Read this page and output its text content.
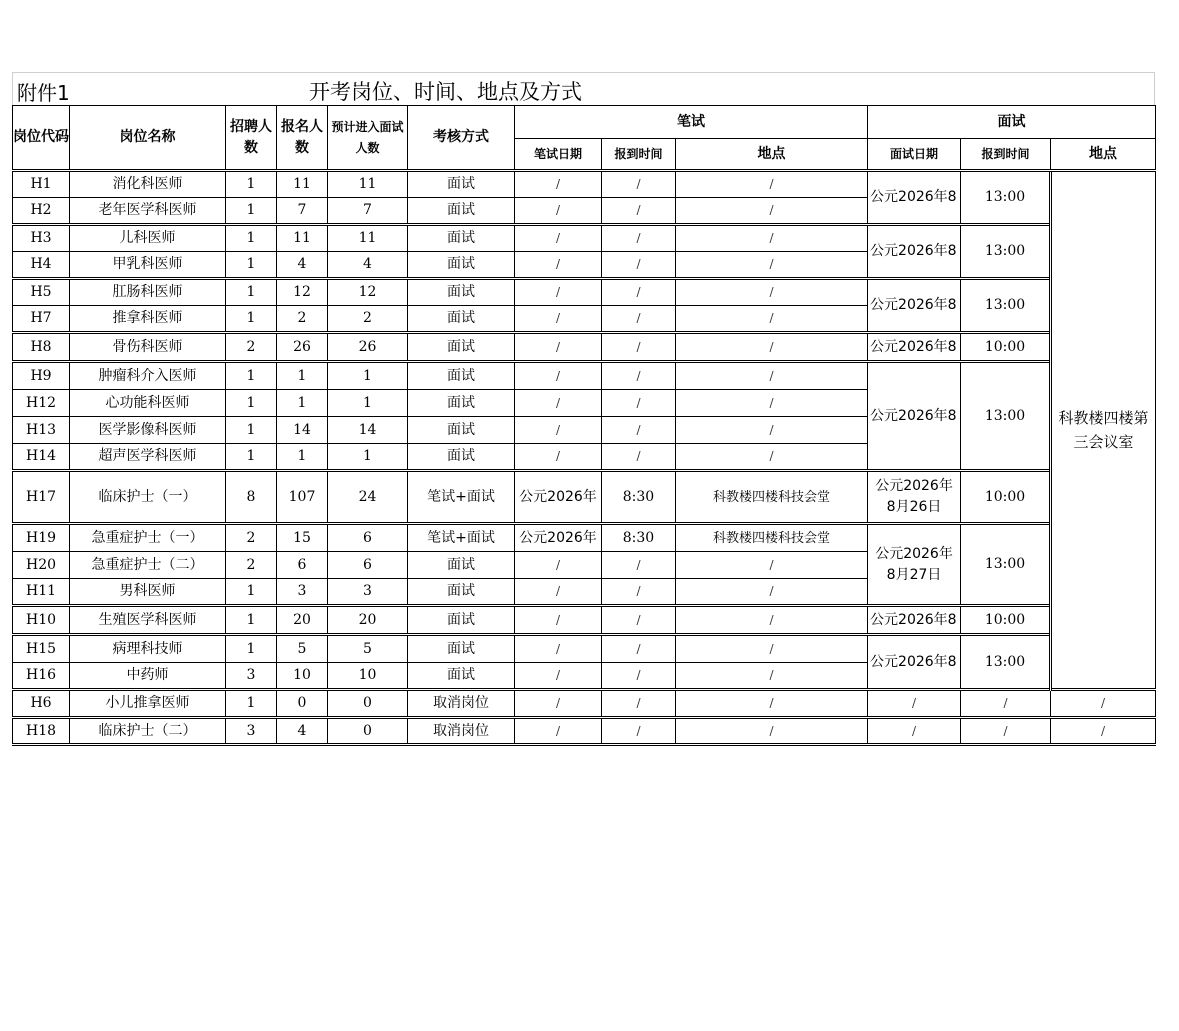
附件1	开考岗位、时间、地点及方式
岗位代码	岗位名称	招聘人数	报名人数	预计进入面试人数	考核方式	笔试			面试		
						笔试日期	报到时间	地点	面试日期	报到时间	地点
H1	消化科医师	1	11	11	面试	/	/	/	公元2026年8	13:00	科教楼四楼第三会议室
H2	老年医学科医师	1	7	7	面试	/	/	/			
H3	儿科医师	1	11	11	面试	/	/	/	公元2026年8	13:00	
H4	甲乳科医师	1	4	4	面试	/	/	/			
H5	肛肠科医师	1	12	12	面试	/	/	/	公元2026年8	13:00	
H7	推拿科医师	1	2	2	面试	/	/	/			
H8	骨伤科医师	2	26	26	面试	/	/	/	公元2026年8	10:00	
H9	肿瘤科介入医师	1	1	1	面试	/	/	/	公元2026年8	13:00	
H12	心功能科医师	1	1	1	面试	/	/	/			
H13	医学影像科医师	1	14	14	面试	/	/	/			
H14	超声医学科医师	1	1	1	面试	/	/	/			
H17	临床护士（一）	8	107	24	笔试+面试	公元2026年	8:30	科教楼四楼科技会堂	公元2026年8月26日	10:00	
H19	急重症护士（一）	2	15	6	笔试+面试	公元2026年	8:30	科教楼四楼科技会堂	公元2026年8月27日	13:00	
H20	急重症护士（二）	2	6	6	面试	/	/	/			
H11	男科医师	1	3	3	面试	/	/	/			
H10	生殖医学科医师	1	20	20	面试	/	/	/	公元2026年8	10:00	
H15	病理科技师	1	5	5	面试	/	/	/	公元2026年8	13:00	
H16	中药师	3	10	10	面试	/	/	/			
H6	小儿推拿医师	1	0	0	取消岗位	/	/	/	/	/	/
H18	临床护士（二）	3	4	0	取消岗位	/	/	/	/	/	/
